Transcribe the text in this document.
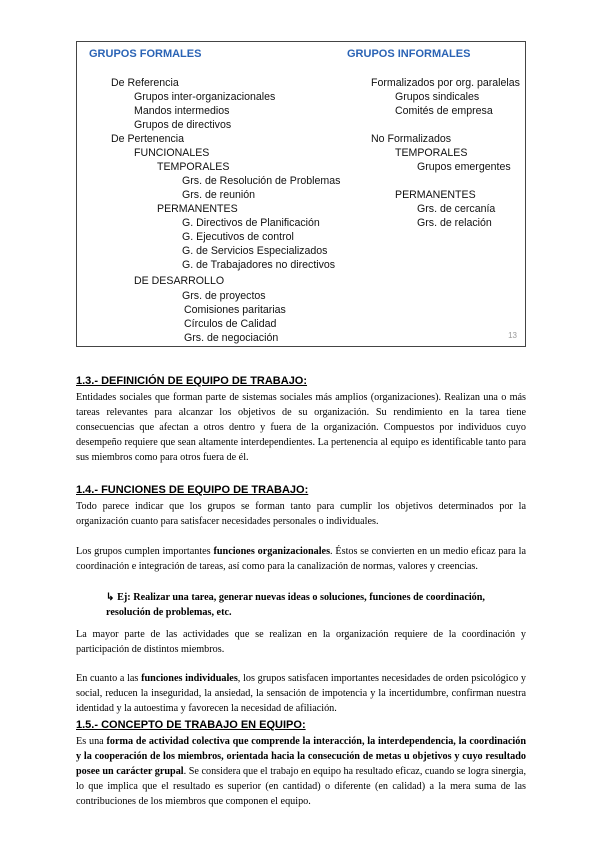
GRUPOS FORMALES	GRUPOS INFORMALES
De Referencia
Grupos inter-organizacionales
Mandos intermedios
Grupos de directivos
De Pertenencia
FUNCIONALES
TEMPORALES
Grs. de Resolución de Problemas
Grs. de reunión
PERMANENTES
G. Directivos de Planificación
G. Ejecutivos de control
G. de Servicios Especializados
G. de Trabajadores no directivos
DE DESARROLLO
Grs. de proyectos
Comisiones paritarias
Círculos de Calidad
Grs. de negociación
Formalizados por org. paralelas
Grupos sindicales
Comités de empresa
No Formalizados
TEMPORALES
Grupos emergentes
PERMANENTES
Grs. de cercanía
Grs. de relación
13
1.3.- DEFINICIÓN DE EQUIPO DE TRABAJO:
Entidades sociales que forman parte de sistemas sociales más amplios (organizaciones). Realizan una o más tareas relevantes para alcanzar los objetivos de su organización. Su rendimiento en la tarea tiene consecuencias que afectan a otros dentro y fuera de la organización. Compuestos por individuos cuyo desempeño requiere que sean altamente interdependientes. La pertenencia al equipo es identificable tanto para sus miembros como para otros fuera de él.
1.4.- FUNCIONES DE EQUIPO DE TRABAJO:
Todo parece indicar que los grupos se forman tanto para cumplir los objetivos determinados por la organización cuanto para satisfacer necesidades personales o individuales.
Los grupos cumplen importantes funciones organizacionales. Éstos se convierten en un medio eficaz para la coordinación e integración de tareas, así como para la canalización de normas, valores y creencias.
↳ Ej: Realizar una tarea, generar nuevas ideas o soluciones, funciones de coordinación, resolución de problemas, etc.
La mayor parte de las actividades que se realizan en la organización requiere de la coordinación y participación de distintos miembros.
En cuanto a las funciones individuales, los grupos satisfacen importantes necesidades de orden psicológico y social, reducen la inseguridad, la ansiedad, la sensación de impotencia y la incertidumbre, confirman nuestra identidad y la autoestima y favorecen la necesidad de afiliación.
1.5.- CONCEPTO DE TRABAJO EN EQUIPO:
Es una forma de actividad colectiva que comprende la interacción, la interdependencia, la coordinación y la cooperación de los miembros, orientada hacia la consecución de metas u objetivos y cuyo resultado posee un carácter grupal. Se considera que el trabajo en equipo ha resultado eficaz, cuando se logra sinergia, lo que implica que el resultado es superior (en cantidad) o diferente (en calidad) a la mera suma de las contribuciones de los miembros que componen el equipo.
